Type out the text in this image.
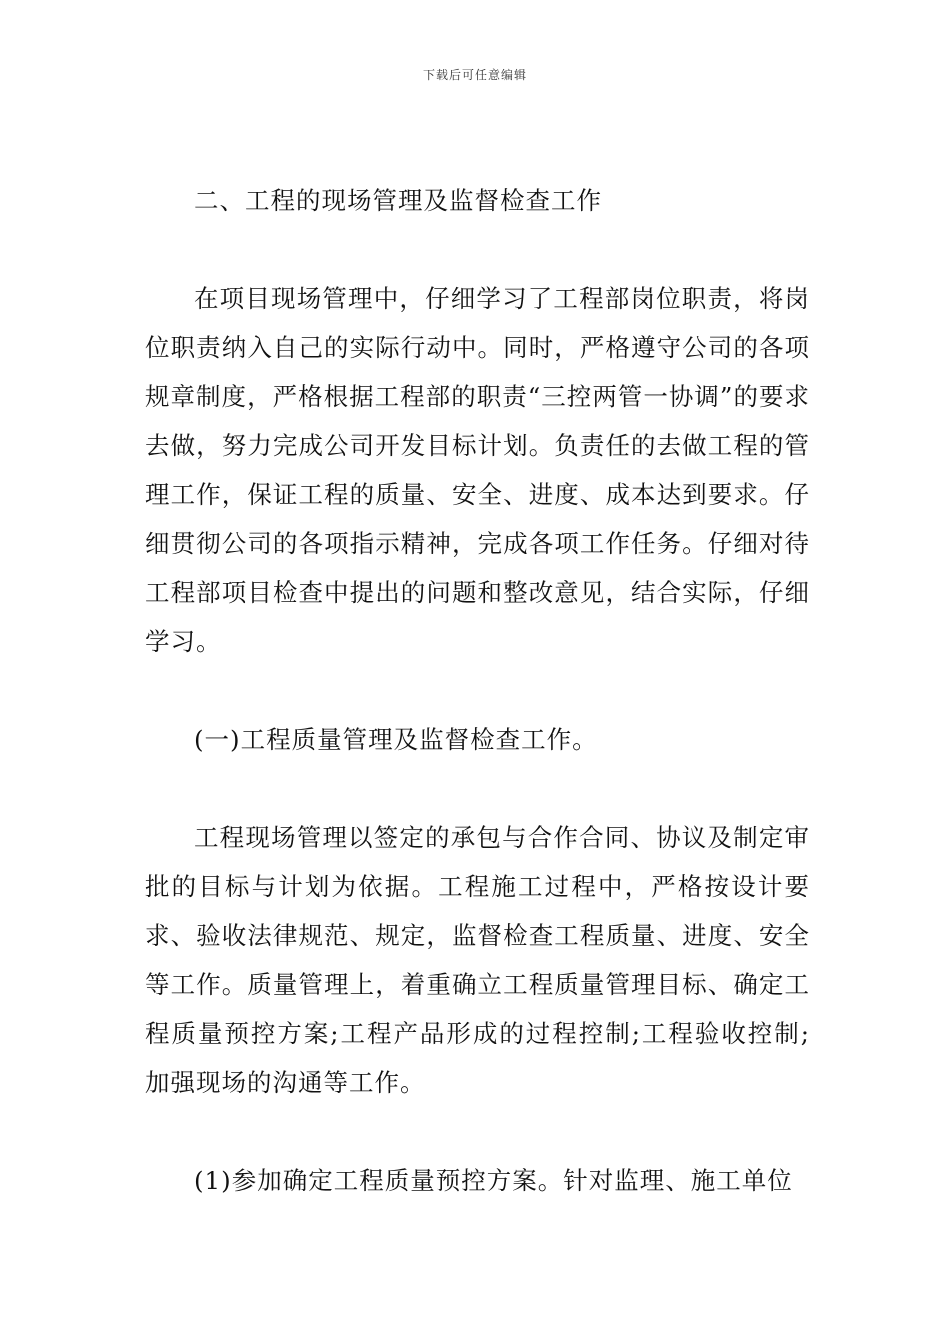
下载后可任意编辑

二、工程的现场管理及监督检查工作

在项目现场管理中，仔细学习了工程部岗位职责，将岗位职责纳入自己的实际行动中。同时，严格遵守公司的各项规章制度，严格根据工程部的职责“三控两管一协调”的要求去做，努力完成公司开发目标计划。负责任的去做工程的管理工作，保证工程的质量、安全、进度、成本达到要求。仔细贯彻公司的各项指示精神，完成各项工作任务。仔细对待工程部项目检查中提出的问题和整改意见，结合实际，仔细学习。

(一)工程质量管理及监督检查工作。

工程现场管理以签定的承包与合作合同、协议及制定审批的目标与计划为依据。工程施工过程中，严格按设计要求、验收法律规范、规定，监督检查工程质量、进度、安全等工作。质量管理上，着重确立工程质量管理目标、确定工程质量预控方案;工程产品形成的过程控制;工程验收控制;加强现场的沟通等工作。

(1)参加确定工程质量预控方案。针对监理、施工单位
